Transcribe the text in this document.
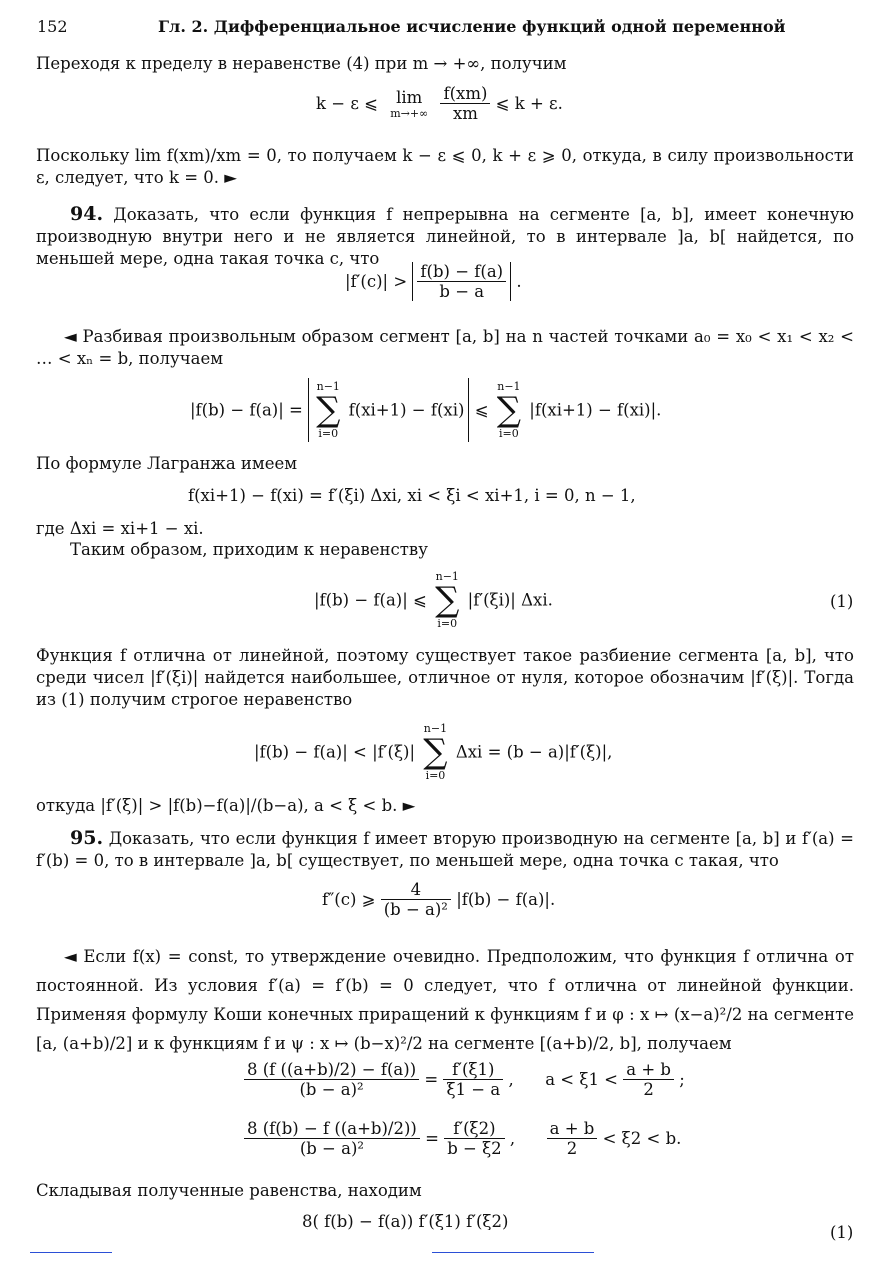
152	Гл. 2. Дифференциальное исчисление функций одной переменной
Переходя к пределу в неравенстве (4) при m → +∞, получим
k − ε ⩽	lim
m→+∞
$\frac{f(xm)}{xm}$ ⩽ k + ε.
Поскольку lim f(xm)/xm = 0, то получаем k − ε ⩽ 0, k + ε ⩾ 0, откуда, в силу произвольности ε, следует, что k = 0. ►
94. Доказать, что если функция f непрерывна на сегменте [a, b], имеет конечную производную внутри него и не является линейной, то в интервале ]a, b[ найдется, по меньшей мере, одна такая точка c, что
$|f'(c)| > \frac{f(b) - f(a)}{b - a}$ .
◄ Разбивая произвольным образом сегмент [a, b] на n частей точками a₀ = x₀ < x₁ < x₂ < … < xₙ = b, получаем
|f(b) − f(a)| =
n−1
∑
i=0
f(xi+1) − f(xi) ⩽
n−1
∑
i=0
|f(xi+1) − f(xi)|.
По формуле Лагранжа имеем
f(xi+1) − f(xi) = f′(ξi) Δxi, xi < ξi < xi+1, i = 0, n − 1,
где Δxi = xi+1 − xi.
Таким образом, приходим к неравенству
|f(b) − f(a)| ⩽
n−1
∑
i=0
|f′(ξi)| Δxi.	(1)
Функция f отлична от линейной, поэтому существует такое разбиение сегмента [a, b], что среди чисел |f′(ξi)| найдется наибольшее, отличное от нуля, которое обозначим |f′(ξ)|. Тогда из (1) получим строгое неравенство
|f(b) − f(a)| < |f′(ξ)|
n−1
∑
i=0
Δxi = (b − a)|f′(ξ)|,
откуда |f′(ξ)| > |f(b)−f(a)|/(b−a), a < ξ < b. ►
95. Доказать, что если функция f имеет вторую производную на сегменте [a, b] и f′(a) = f′(b) = 0, то в интервале ]a, b[ существует, по меньшей мере, одна точка c такая, что
f″(c) ⩾ $\frac{4}{\text{(b − a)²}} |f(b) - f(a)|$.
◄ Если f(x) = const, то утверждение очевидно. Предположим, что функция f отлична от постоянной. Из условия f′(a) = f′(b) = 0 следует, что f отлична от линейной функции. Применяя формулу Коши конечных приращений к функциям f и φ : x ↦ (x−a)²/2 на сегменте [a, (a+b)/2] и к функциям f и ψ : x ↦ (b−x)²/2 на сегменте [(a+b)/2, b], получаем
$\frac{8 (f ((a+b)/2) - f(a))}{\text{(b − a)²}} = \frac{f'(\xi 1)}{\xi 1 - a}$ ,      $a < \xi 1 < \frac{a + b}{2}$ ;
$\frac{8 (f(b) - f ((a+b)/2))}{\text{(b − a)²}} = \frac{f'(\xi 2)}{b - \xi 2}$ , $\frac{a + b}{2} < \xi 2 < b$.
Складывая полученные равенства, находим
8( f(b) − f(a)) f′(ξ1) f′(ξ2)
(1)
